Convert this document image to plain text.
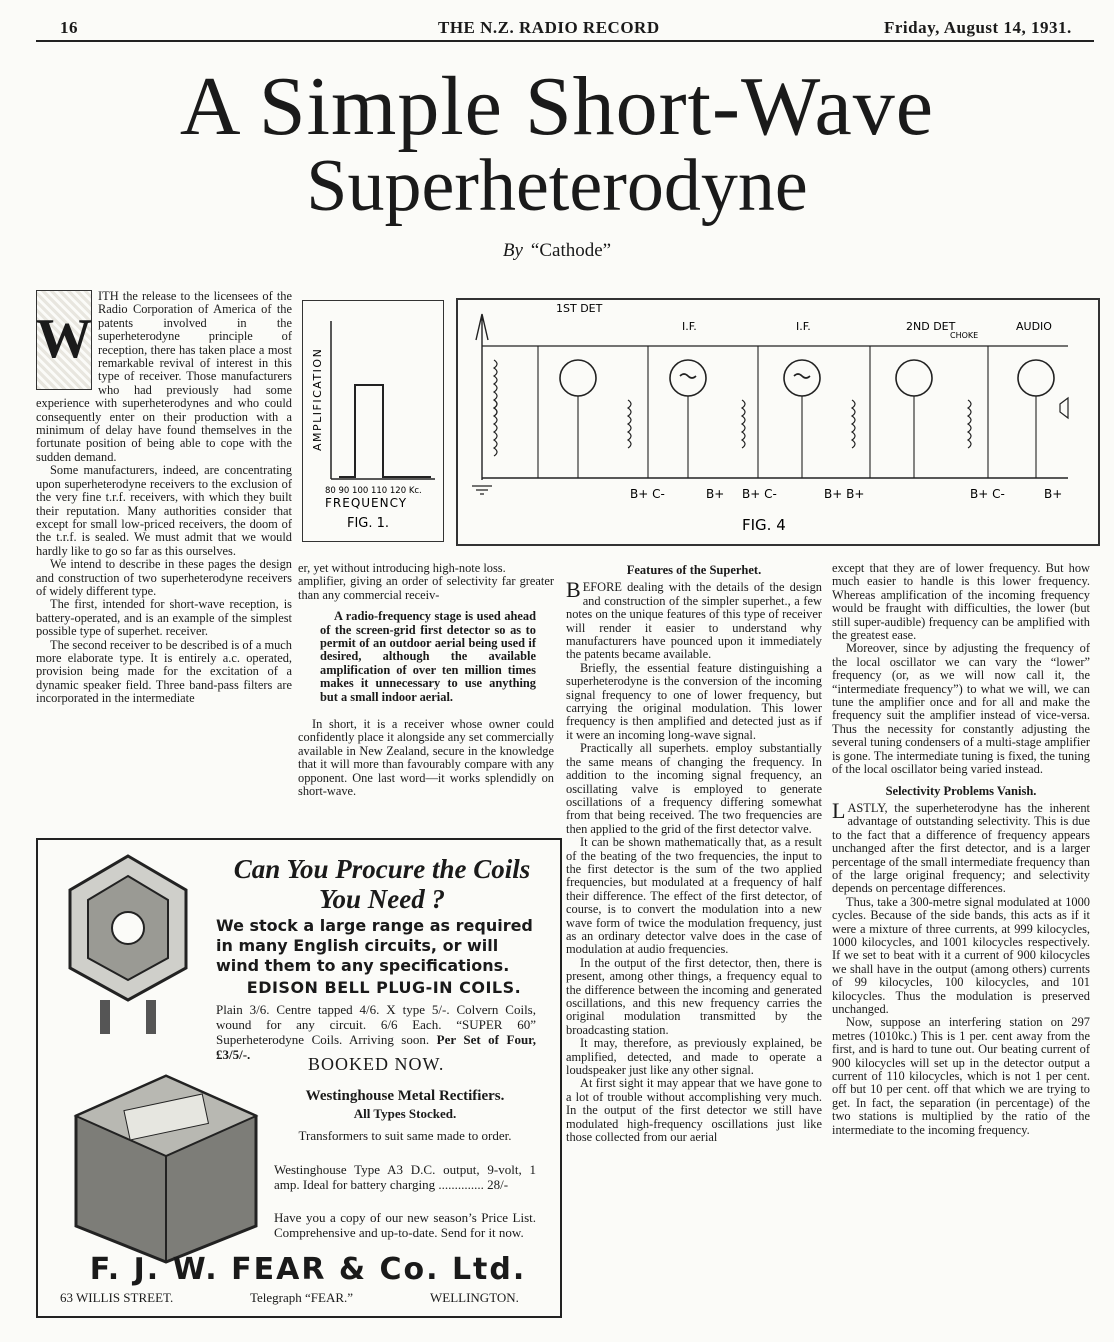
16	THE N.Z. RADIO RECORD	Friday, August 14, 1931.
A Simple Short-Wave
Superheterodyne
By “Cathode”
W

ITH the release to the licensees of the Radio Corporation of America of the patents involved in the superheterodyne principle of reception, there has taken place a most remarkable revival of interest in this type of receiver. Those manufacturers who had previously had some experience with superheterodynes and who could consequently enter on their production with a minimum of delay have found themselves in the fortunate position of being able to cope with the sudden demand.

Some manufacturers, indeed, are concentrating upon superheterodyne receivers to the exclusion of the very fine t.r.f. receivers, with which they built their reputation. Many authorities consider that except for small low-priced receivers, the doom of the t.r.f. is sealed. We must admit that we would hardly like to go so far as this ourselves.

We intend to describe in these pages the design and construction of two superheterodyne receivers of widely different type.

The first, intended for short-wave reception, is battery-operated, and is an example of the simplest possible type of superhet. receiver.

The second receiver to be described is of a much more elaborate type. It is entirely a.c. operated, provision being made for the excitation of a dynamic speaker field. Three band-pass filters are incorporated in the intermediate

AMPLIFICATION
80 90 100 110 120 Kc.
FREQUENCY
FIG. 1.
1ST DET
I.F.	I.F.	2ND DET
CHOKE
AUDIO
B+ C-	B+ B+ C-	B+ B+	B+ C-	B+
FIG. 4

er, yet without introducing high-note loss.

amplifier, giving an order of selectivity far greater than any commercial receiv-

A radio-frequency stage is used ahead of the screen-grid first detector so as to permit of an outdoor aerial being used if desired, although the available amplification of over ten million times makes it unnecessary to use anything but a small indoor aerial.

In short, it is a receiver whose owner could confidently place it alongside any set commercially available in New Zealand, secure in the knowledge that it will more than favourably compare with any opponent. One last word—it works splendidly on short-wave.

Features of the Superhet.

BEFORE dealing with the details of the design and construction of the simpler superhet., a few notes on the unique features of this type of receiver will render it easier to understand why manufacturers have pounced upon it immediately the patents became available.

Briefly, the essential feature distinguishing a superheterodyne is the conversion of the incoming signal frequency to one of lower frequency, but carrying the original modulation. This lower frequency is then amplified and detected just as if it were an incoming long-wave signal.

Practically all superhets. employ substantially the same means of changing the frequency. In addition to the incoming signal frequency, an oscillating valve is employed to generate oscillations of a frequency differing somewhat from that being received. The two frequencies are then applied to the grid of the first detector valve.

It can be shown mathematically that, as a result of the beating of the two frequencies, the input to the first detector is the sum of the two applied frequencies, but modulated at a frequency of half their difference. The effect of the first detector, of course, is to convert the modulation into a new wave form of twice the modulation frequency, just as an ordinary detector valve does in the case of modulation at audio frequencies.

In the output of the first detector, then, there is present, among other things, a frequency equal to the difference between the incoming and generated oscillations, and this new frequency carries the original modulation transmitted by the broadcasting station.

It may, therefore, as previously explained, be amplified, detected, and made to operate a loudspeaker just like any other signal.

At first sight it may appear that we have gone to a lot of trouble without accomplishing very much. In the output of the first detector we still have modulated high-frequency oscillations just like those collected from our aerial

except that they are of lower frequency. But how much easier to handle is this lower frequency. Whereas amplification of the incoming frequency would be fraught with difficulties, the lower (but still super-audible) frequency can be amplified with the greatest ease.

Moreover, since by adjusting the frequency of the local oscillator we can vary the “lower” frequency (or, as we will now call it, the “intermediate frequency”) to what we will, we can tune the amplifier once and for all and make the frequency suit the amplifier instead of vice-versa. Thus the necessity for constantly adjusting the several tuning condensers of a multi-stage amplifier is gone. The intermediate tuning is fixed, the tuning of the local oscillator being varied instead.

Selectivity Problems Vanish.

LASTLY, the superheterodyne has the inherent advantage of outstanding selectivity. This is due to the fact that a difference of frequency appears unchanged after the first detector, and is a larger percentage of the small intermediate frequency than of the large original frequency; and selectivity depends on percentage differences.

Thus, take a 300-metre signal modulated at 1000 cycles. Because of the side bands, this acts as if it were a mixture of three currents, at 999 kilocycles, 1000 kilocycles, and 1001 kilocycles respectively. If we set to beat with it a current of 900 kilocycles we shall have in the output (among others) currents of 99 kilocycles, 100 kilocycles, and 101 kilocycles. Thus the modulation is preserved unchanged.

Now, suppose an interfering station on 297 metres (1010kc.) This is 1 per. cent away from the first, and is hard to tune out. Our beating current of 900 kilocycles will set up in the detector output a current of 110 kilocycles, which is not 1 per cent. off but 10 per cent. off that which we are trying to get. In fact, the separation (in percentage) of the two stations is multiplied by the ratio of the intermediate to the incoming frequency.

Can You Procure the Coils
You Need ?
We stock a large range as required in many English circuits, or will wind them to any specifications.
EDISON BELL PLUG-IN COILS.
Plain 3/6. Centre tapped 4/6. X type 5/-. Colvern Coils, wound for any circuit. 6/6 Each. “SUPER 60” Superheterodyne Coils. Arriving soon. Per Set of Four, £3/5/-.	BOOKED NOW.
Westinghouse Metal Rectifiers.
All Types Stocked.
Transformers to suit same made to order.
Westinghouse Type A3 D.C. output, 9-volt, 1 amp. Ideal for battery charging .............. 28/-
Have you a copy of our new season’s Price List. Comprehensive and up-to-date. Send for it now.
F. J. W. FEAR & Co. Ltd.
63 WILLIS STREET.	Telegraph “FEAR.”	WELLINGTON.
